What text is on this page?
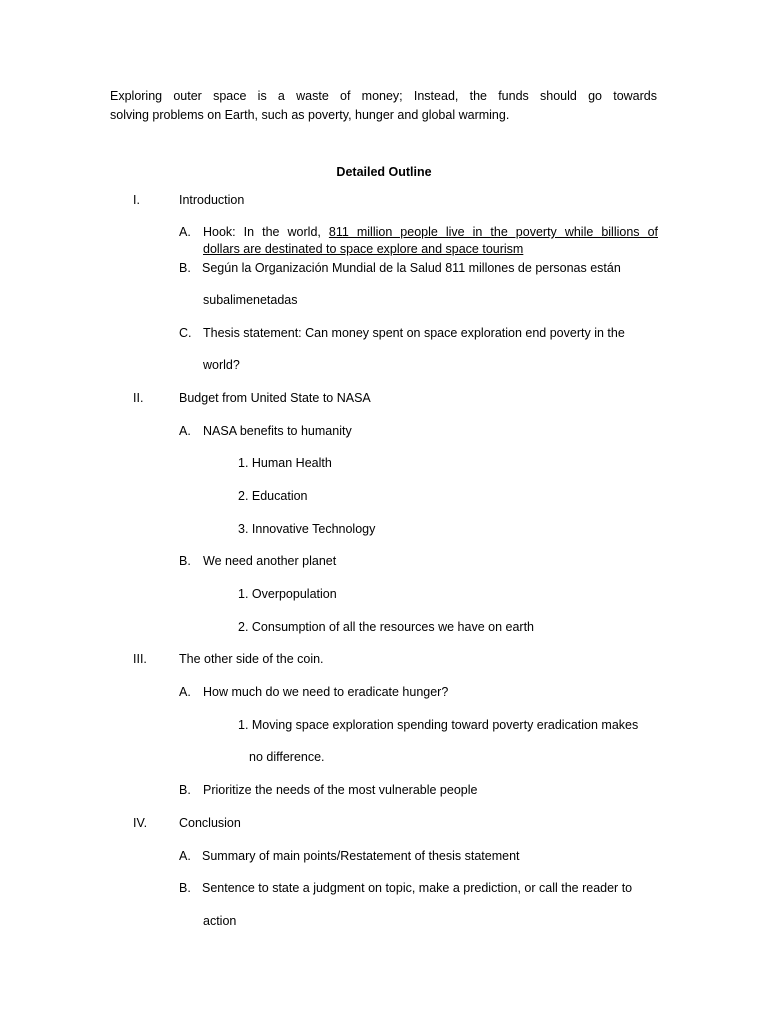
Exploring outer space is a waste of money; Instead, the funds should go towards
solving problems on Earth, such as poverty, hunger and global warming.
Detailed Outline
I.	Introduction
A. Hook: In the world, 811 million people live in the poverty while billions of
dollars are destinated to space explore and space tourism
B. Según la Organización Mundial de la Salud 811 millones de personas están
subalimenetadas
C. Thesis statement: Can money spent on space exploration end poverty in the
world?
II.	Budget from United State to NASA
A. NASA benefits to humanity
1. Human Health
2. Education
3. Innovative Technology
B. We need another planet
1. Overpopulation
2. Consumption of all the resources we have on earth
III.	The other side of the coin.
A. How much do we need to eradicate hunger?
1. Moving space exploration spending toward poverty eradication makes
no difference.
B. Prioritize the needs of the most vulnerable people
IV.	Conclusion
A. Summary of main points/Restatement of thesis statement
B. Sentence to state a judgment on topic, make a prediction, or call the reader to
action
